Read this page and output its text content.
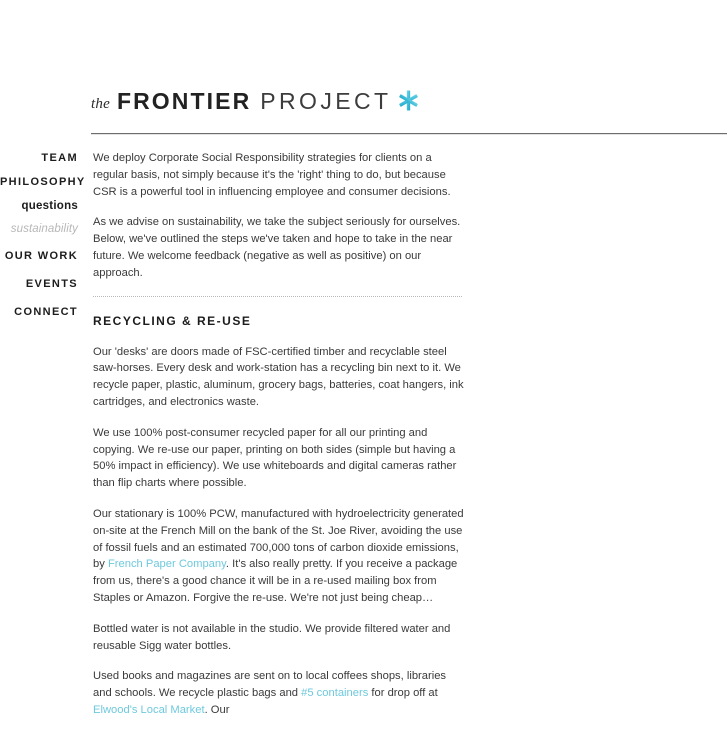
the FRONTIER PROJECT
TEAM
PHILOSOPHY
questions
sustainability
OUR WORK
EVENTS
CONNECT

We deploy Corporate Social Responsibility strategies for clients on a regular basis, not simply because it's the 'right' thing to do, but because CSR is a powerful tool in influencing employee and consumer decisions.

As we advise on sustainability, we take the subject seriously for ourselves. Below, we've outlined the steps we've taken and hope to take in the near future. We welcome feedback (negative as well as positive) on our approach.

RECYCLING & RE-USE

Our 'desks' are doors made of FSC-certified timber and recyclable steel saw-horses. Every desk and work-station has a recycling bin next to it. We recycle paper, plastic, aluminum, grocery bags, batteries, coat hangers, ink cartridges, and electronics waste.

We use 100% post-consumer recycled paper for all our printing and copying. We re-use our paper, printing on both sides (simple but having a 50% impact in efficiency). We use whiteboards and digital cameras rather than flip charts where possible.

Our stationary is 100% PCW, manufactured with hydroelectricity generated on-site at the French Mill on the bank of the St. Joe River, avoiding the use of fossil fuels and an estimated 700,000 tons of carbon dioxide emissions, by French Paper Company. It's also really pretty. If you receive a package from us, there's a good chance it will be in a re-used mailing box from Staples or Amazon. Forgive the re-use. We're not just being cheap…

Bottled water is not available in the studio. We provide filtered water and reusable Sigg water bottles.

Used books and magazines are sent on to local coffees shops, libraries and schools. We recycle plastic bags and #5 containers for drop off at Elwood's Local Market. Our
